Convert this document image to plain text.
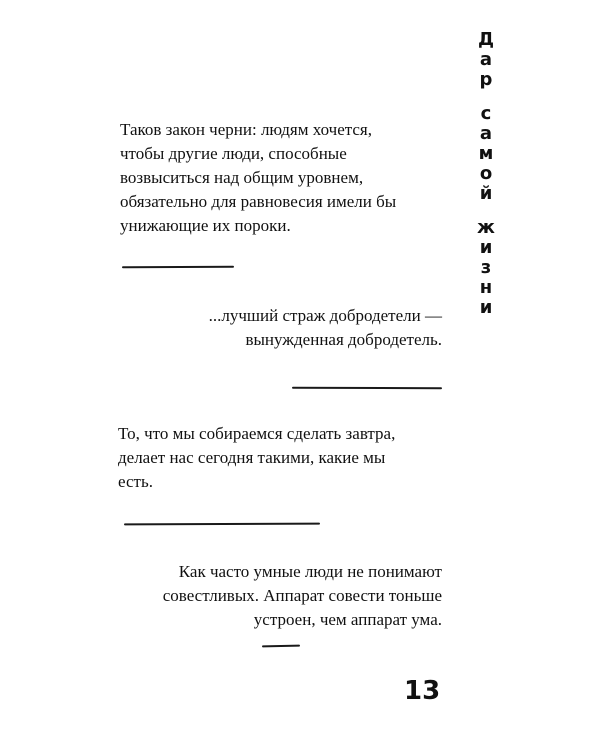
Д
а
р
с
а
м
о
й
ж
и
з
н
и

Таков закон черни: людям хочется,
чтобы другие люди, способные
возвыситься над общим уровнем,
обязательно для равновесия имели бы
унижающие их пороки.

...лучший страж добродетели —
вынужденная добродетель.

То, что мы собираемся сделать завтра,
делает нас сегодня такими, какие мы
есть.

Как часто умные люди не понимают
совестливых. Аппарат совести тоньше
устроен, чем аппарат ума.

13
